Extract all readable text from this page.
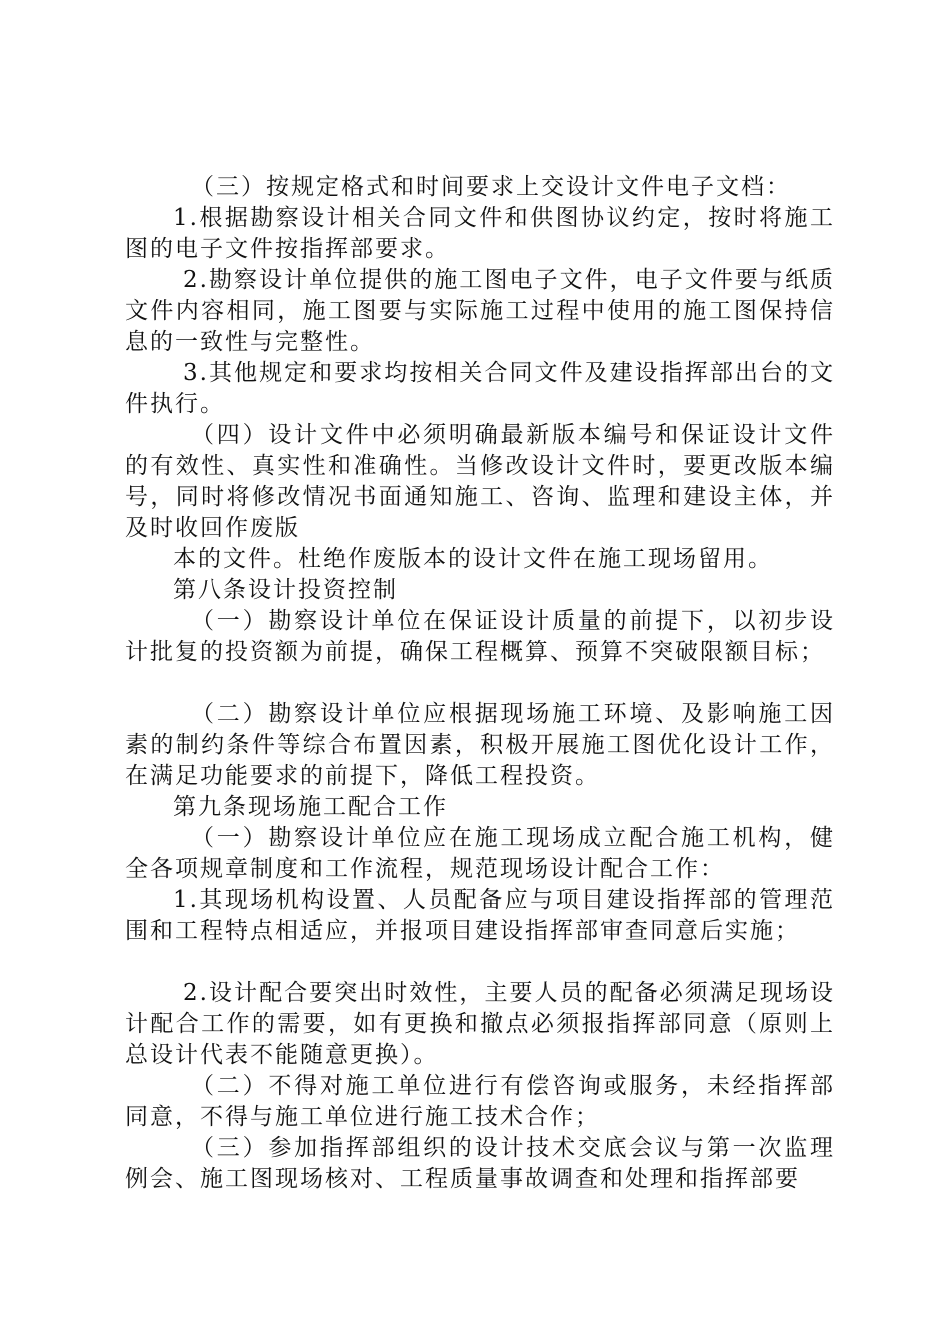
（三）按规定格式和时间要求上交设计文件电子文档：

1.根据勘察设计相关合同文件和供图协议约定，按时将施工图的电子文件按指挥部要求。

2.勘察设计单位提供的施工图电子文件，电子文件要与纸质文件内容相同，施工图要与实际施工过程中使用的施工图保持信息的一致性与完整性。

3.其他规定和要求均按相关合同文件及建设指挥部出台的文件执行。

（四）设计文件中必须明确最新版本编号和保证设计文件的有效性、真实性和准确性。当修改设计文件时，要更改版本编号，同时将修改情况书面通知施工、咨询、监理和建设主体，并及时收回作废版

本的文件。杜绝作废版本的设计文件在施工现场留用。

第八条设计投资控制

（一）勘察设计单位在保证设计质量的前提下，以初步设计批复的投资额为前提，确保工程概算、预算不突破限额目标；

（二）勘察设计单位应根据现场施工环境、及影响施工因素的制约条件等综合布置因素，积极开展施工图优化设计工作，在满足功能要求的前提下，降低工程投资。

第九条现场施工配合工作

（一）勘察设计单位应在施工现场成立配合施工机构，健全各项规章制度和工作流程，规范现场设计配合工作：

1.其现场机构设置、人员配备应与项目建设指挥部的管理范围和工程特点相适应，并报项目建设指挥部审查同意后实施；

2.设计配合要突出时效性，主要人员的配备必须满足现场设计配合工作的需要，如有更换和撤点必须报指挥部同意（原则上总设计代表不能随意更换）。

（二）不得对施工单位进行有偿咨询或服务，未经指挥部同意，不得与施工单位进行施工技术合作；

（三）参加指挥部组织的设计技术交底会议与第一次监理例会、施工图现场核对、工程质量事故调查和处理和指挥部要
